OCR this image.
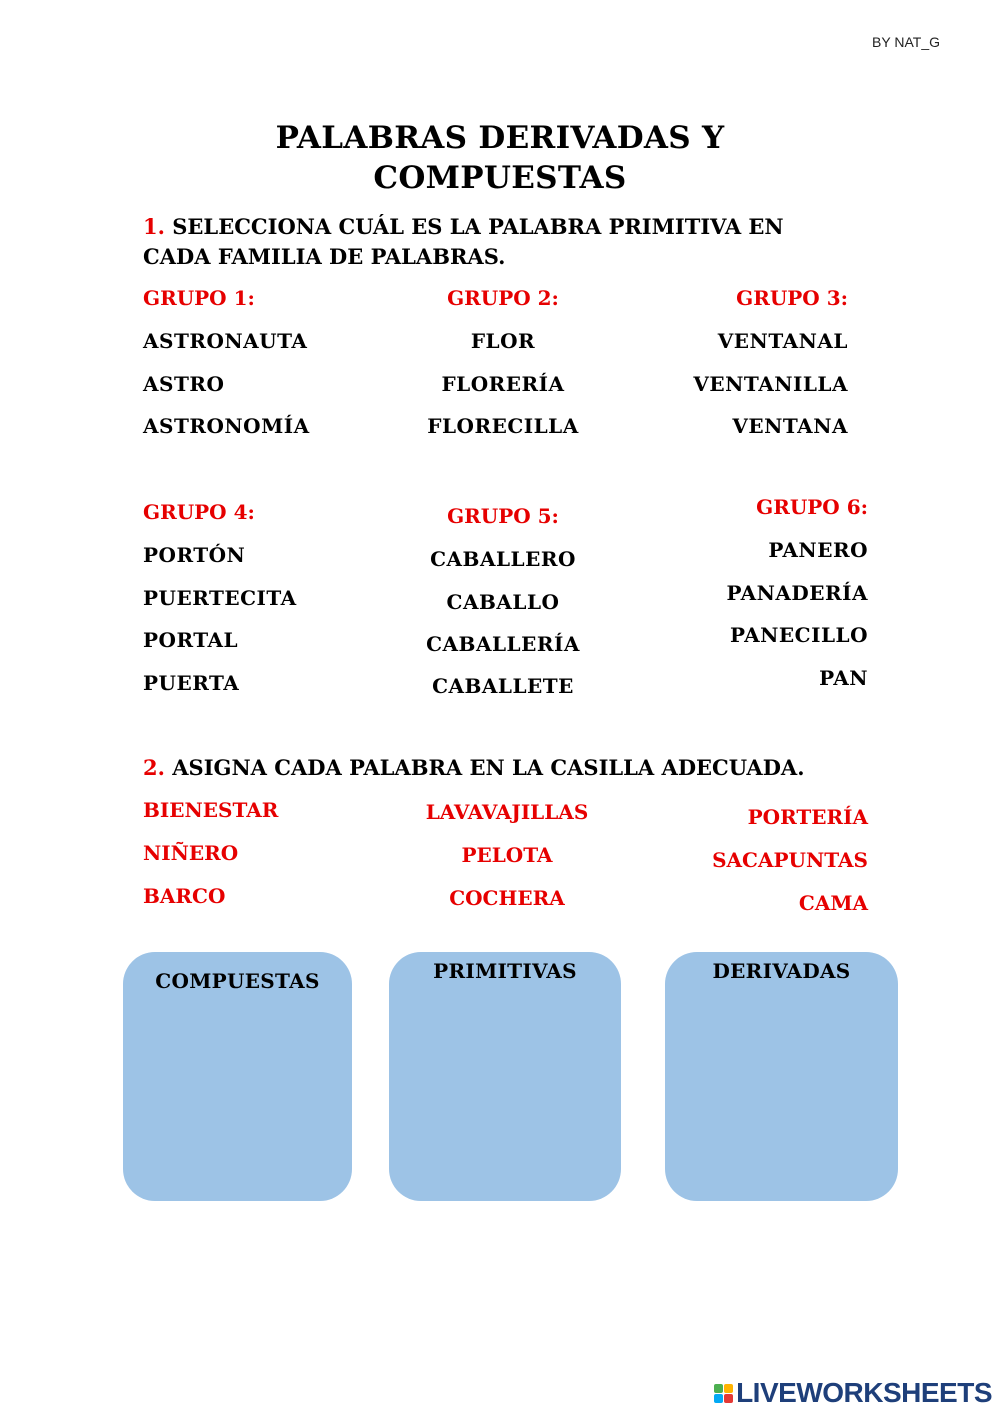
BY NAT_G
PALABRAS DERIVADAS Y
COMPUESTAS
1. SELECCIONA CUÁL ES LA PALABRA PRIMITIVA EN
CADA FAMILIA DE PALABRAS.
GRUPO 1:
ASTRONAUTA
ASTRO
ASTRONOMÍA
GRUPO 2:
FLOR
FLORERÍA
FLORECILLA
GRUPO 3:
VENTANAL
VENTANILLA
VENTANA
GRUPO 4:
PORTÓN
PUERTECITA
PORTAL
PUERTA
GRUPO 5:
CABALLERO
CABALLO
CABALLERÍA
CABALLETE
GRUPO 6:
PANERO
PANADERÍA
PANECILLO
PAN
2. ASIGNA CADA PALABRA EN LA CASILLA ADECUADA.
BIENESTAR
NIÑERO
BARCO
LAVAVAJILLAS
PELOTA
COCHERA
PORTERÍA
SACAPUNTAS
CAMA
COMPUESTAS	PRIMITIVAS	DERIVADAS
LIVEWORKSHEETS
